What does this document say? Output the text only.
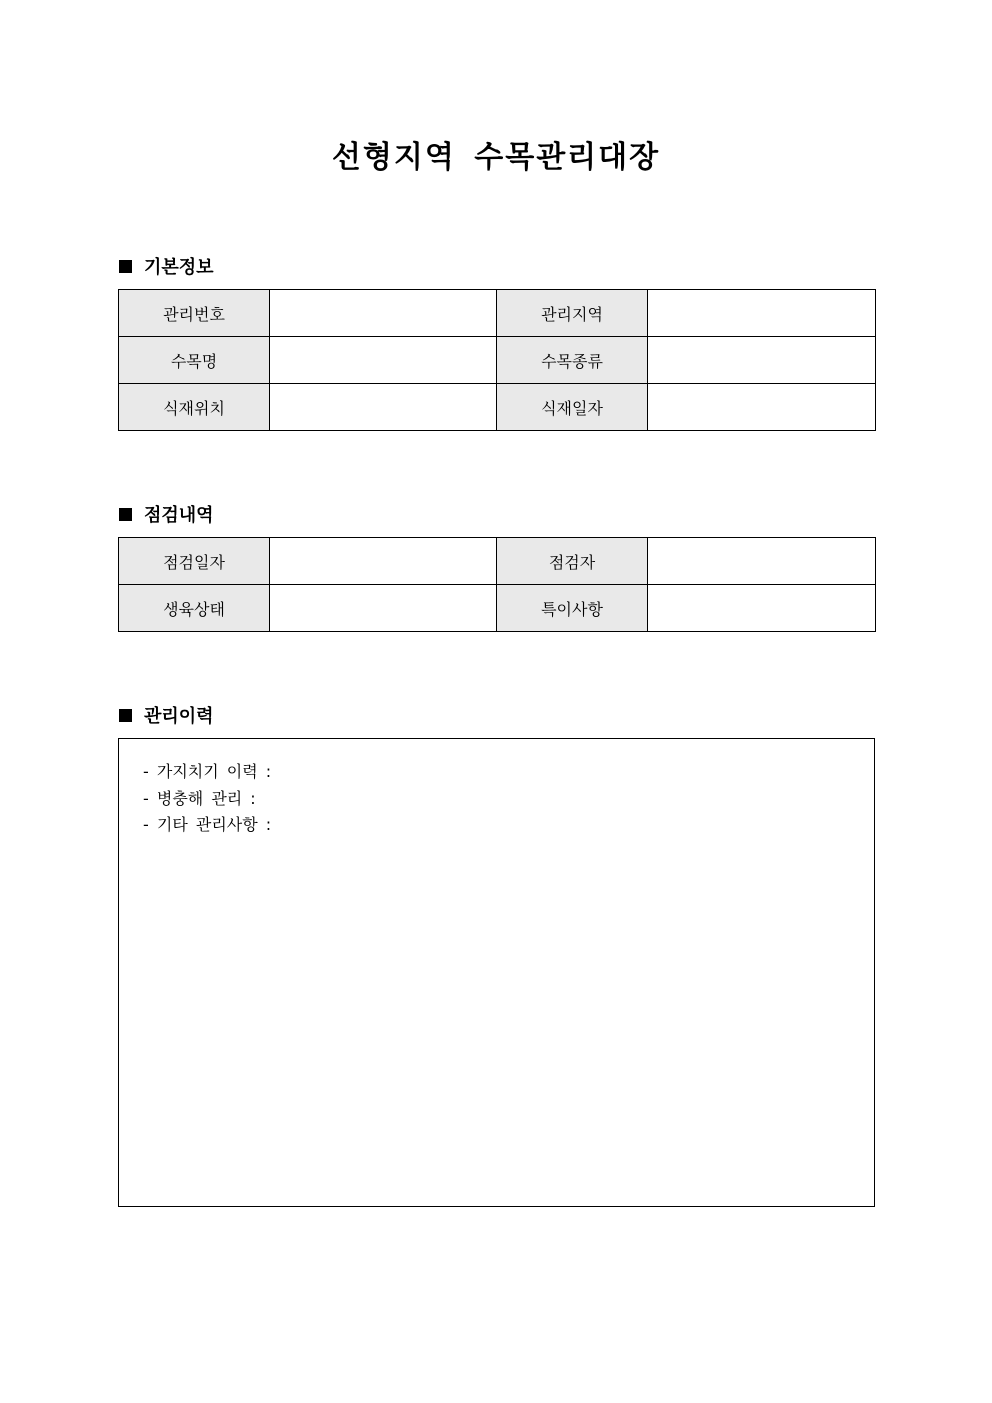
선형지역 수목관리대장
기본정보
관리번호		관리지역	
수목명		수목종류	
식재위치		식재일자	
점검내역
점검일자		점검자	
생육상태		특이사항	
관리이력
- 가지치기 이력 :
- 병충해 관리 :
- 기타 관리사항 :
